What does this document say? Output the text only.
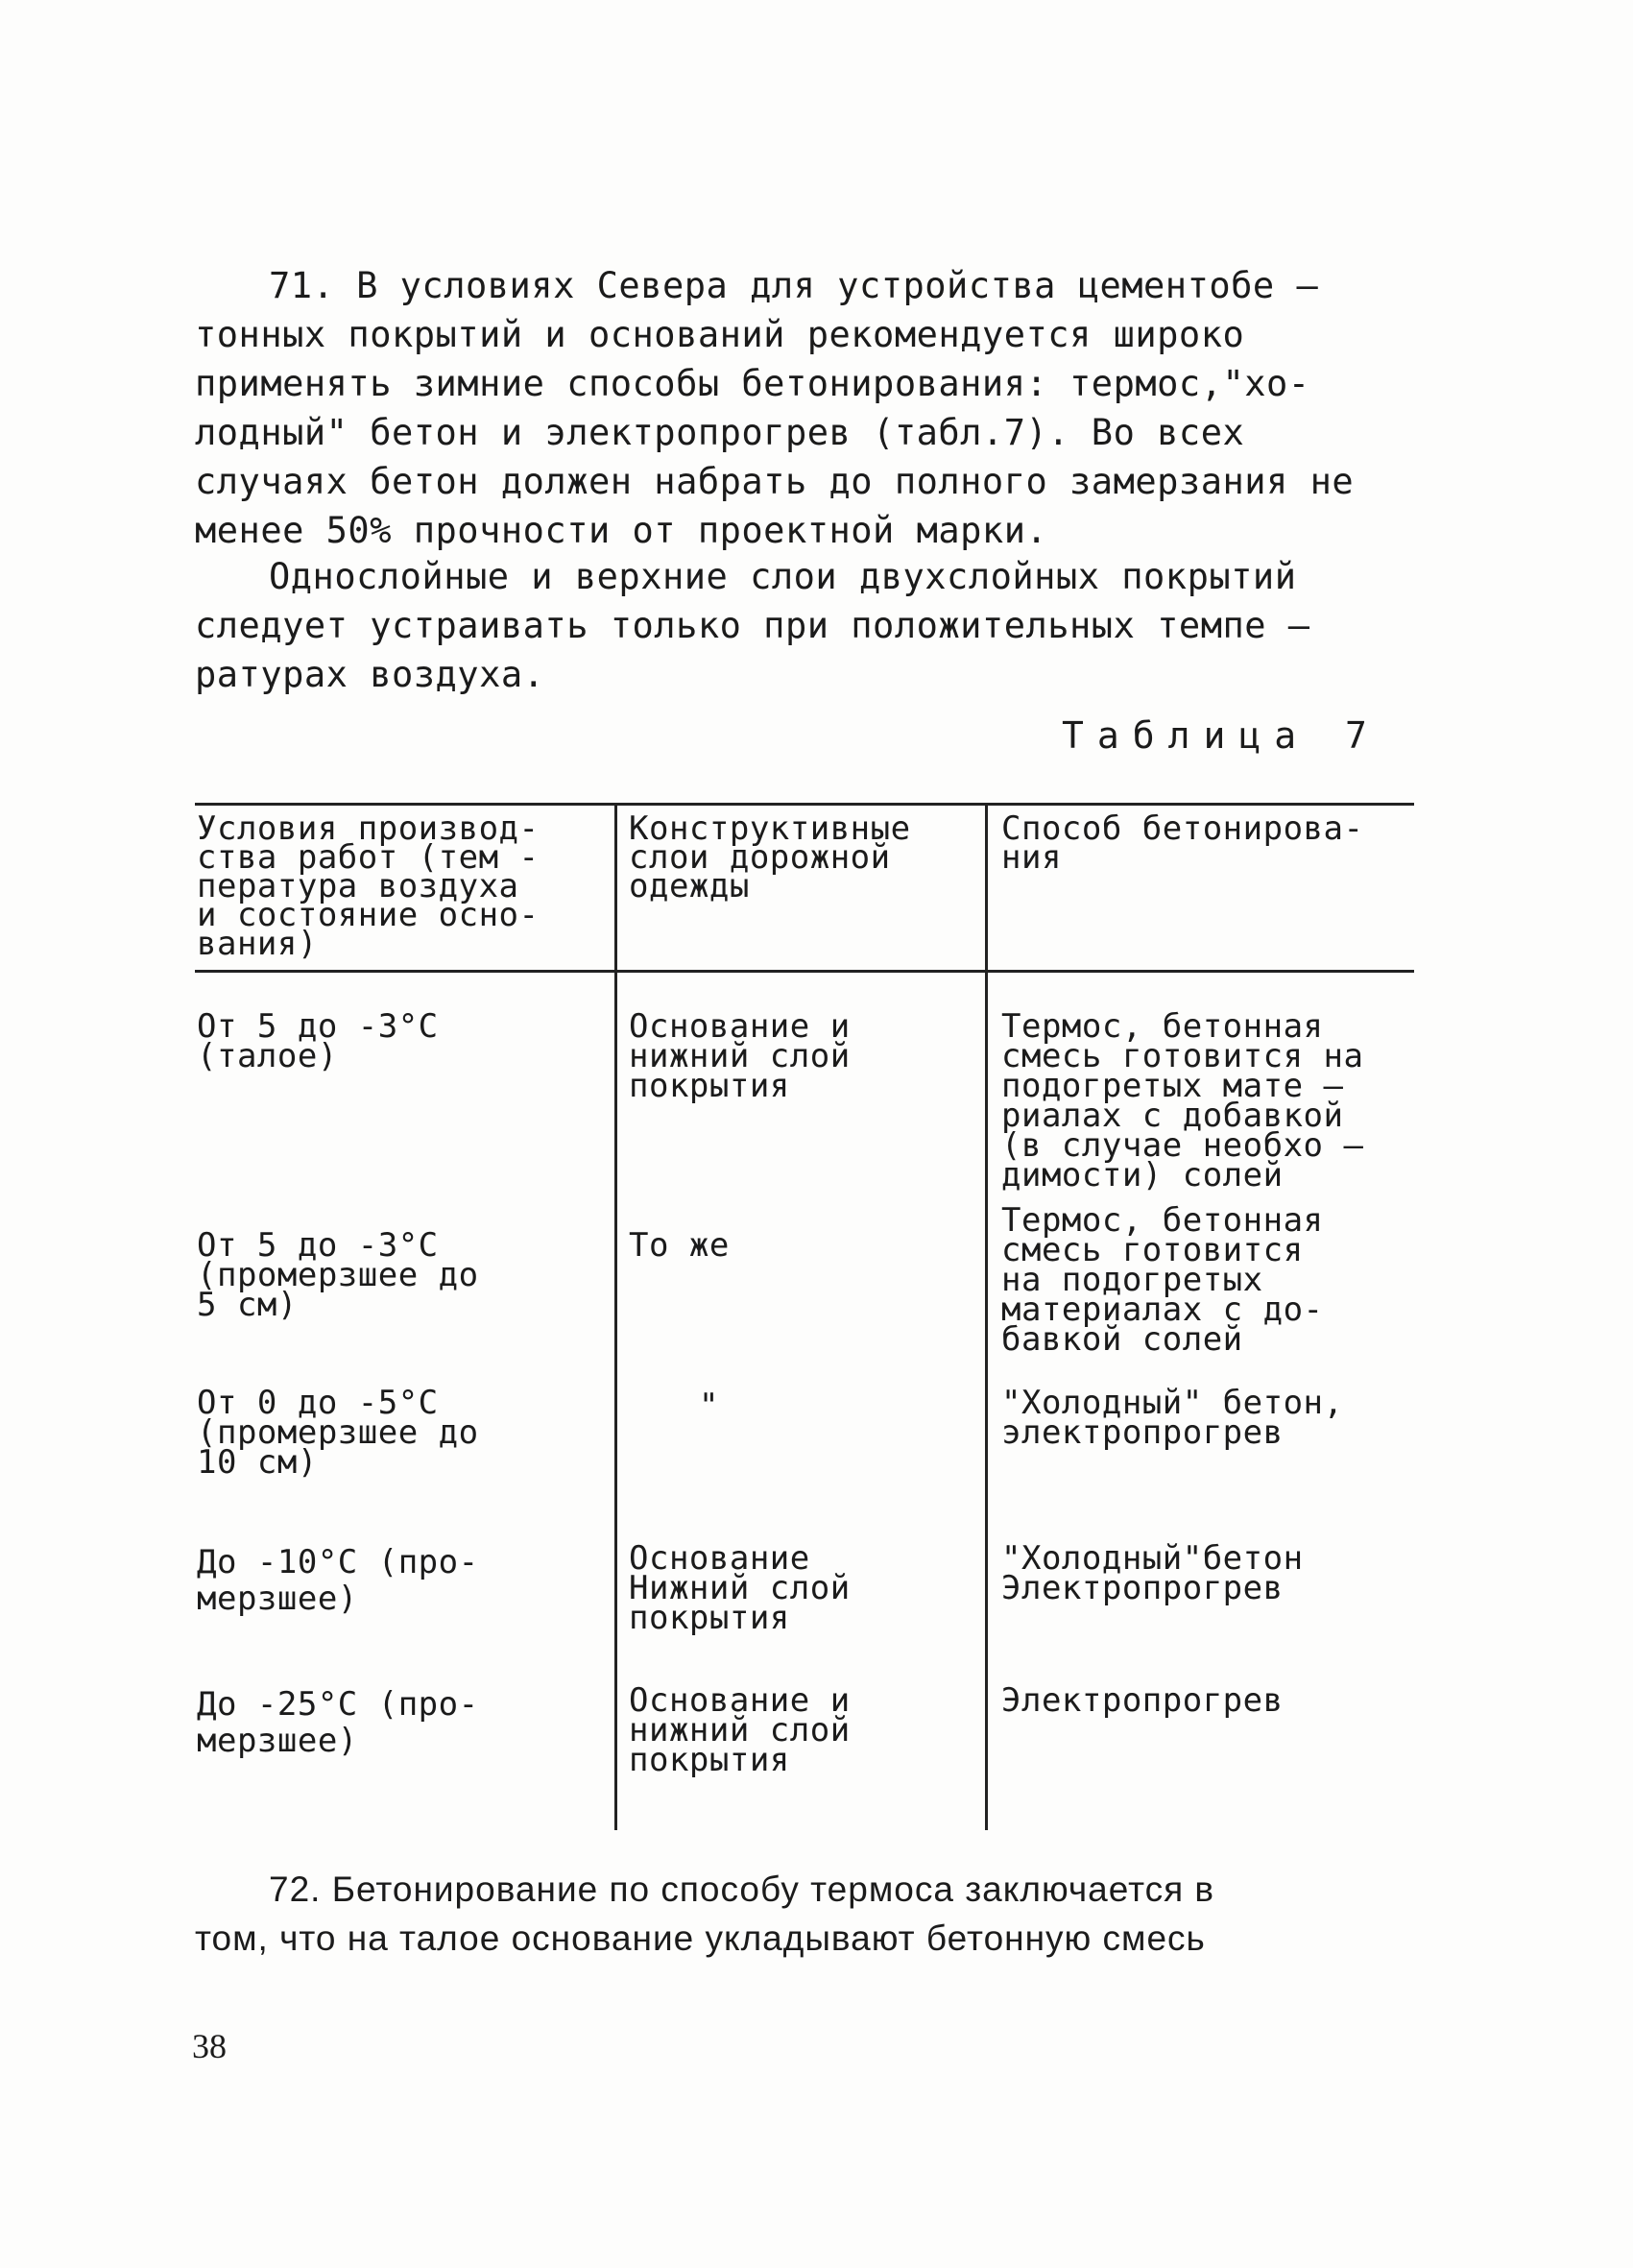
71. В условиях Севера для устройства цементобе –
тонных покрытий и оснований рекомендуется широко
применять зимние способы бетонирования: термос,"хо-
лодный" бетон и электропрогрев (табл.7). Во всех
случаях бетон должен набрать до полного замерзания не
менее 50% прочности от проектной марки.
Однослойные и верхние слои двухслойных покрытий
следует устраивать только при положительных темпе –
ратурах воздуха.
Таблица 7
Условия производ-
ства работ (тем -
пература воздуха
и состояние осно-
вания)
Конструктивные
слои дорожной
одежды
Способ бетонирова-
ния
От 5 до -3°С
(талое)
Основание и
нижний слой
покрытия
Термос, бетонная
смесь готовится на
подогретых мате –
риалах с добавкой
(в случае необхо –
димости) солей
От 5 до -3°С
(промерзшее до
5 см)
То же
Термос, бетонная
смесь готовится
на подогретых
материалах с до-
бавкой солей
От 0 до -5°С
(промерзшее до
10 см)
"	"Холодный" бетон,
электропрогрев
До -10°С (про-
мерзшее)
Основание
Нижний слой
покрытия
"Холодный"бетон
Электропрогрев
До -25°С (про-
мерзшее)
Основание и
нижний слой
покрытия
Электропрогрев
72. Бетонирование по способу термоса заключается в
том, что на талое основание укладывают бетонную смесь

38
